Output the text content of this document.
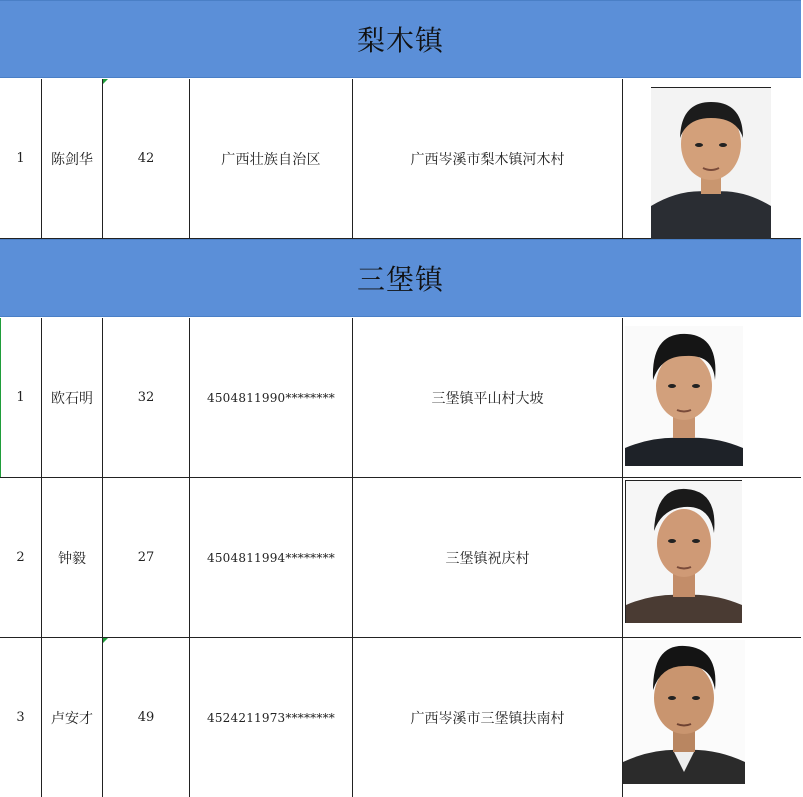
梨木镇
1	陈剑华	42	广西壮族自治区	广西岑溪市梨木镇河木村
三堡镇
1	欧石明	32	4504811990********	三堡镇平山村大坡
2	钟毅	27	4504811994********	三堡镇祝庆村
3	卢安才	49	4524211973********	广西岑溪市三堡镇扶南村
